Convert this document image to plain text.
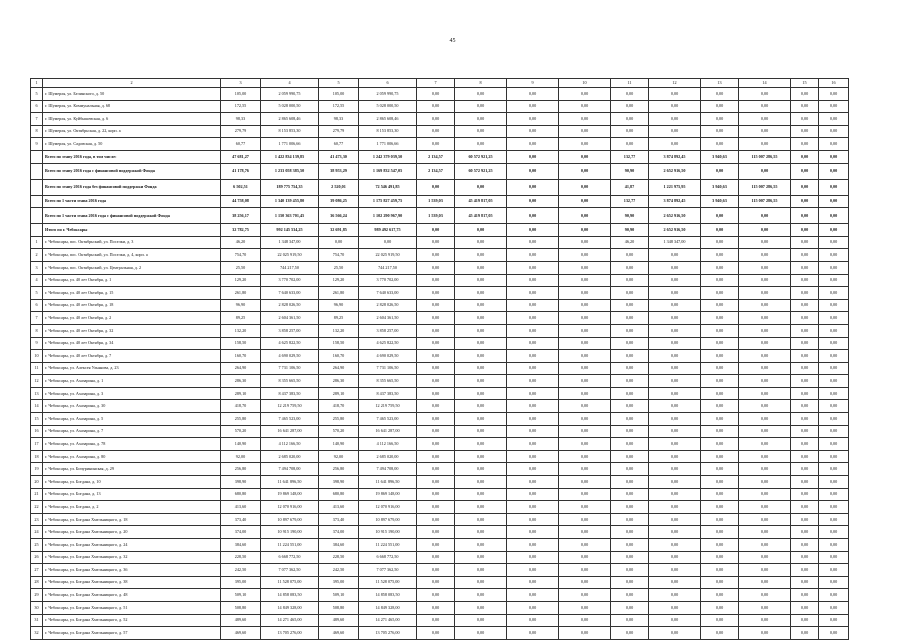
45
1	2	3	4	5	6	7	8	9	10	11	12	13	14	15	16
5	г. Шумерля, ул. Белинского, д. 50	105,00	2 059 990,75	105,00	2 059 990,75	0,00	0,00	0,00	0,00	0,00	0,00	0,00	0,00	0,00	0,00
6	г. Шумерля, ул. Коммунальная, д. 68	172,55	5 028 000,50	172,55	5 028 000,50	0,00	0,00	0,00	0,00	0,00	0,00	0,00	0,00	0,00	0,00
7	г. Шумерля, ул. Куйбышевская, д. 6	98,33	2 865 608,46	98,33	2 865 608,46	0,00	0,00	0,00	0,00	0,00	0,00	0,00	0,00	0,00	0,00
8	г. Шумерля, ул. Октябрьская, д. 22, корп. а	279,79	8 153 853,30	279,79	8 153 853,30	0,00	0,00	0,00	0,00	0,00	0,00	0,00	0,00	0,00	0,00
9	г. Шумерля, ул. Садовская, д. 50	60,77	1 771 006,66	60,77	1 771 006,66	0,00	0,00	0,00	0,00	0,00	0,00	0,00	0,00	0,00	0,00
	Всего по этапу 2016 года, в том числе:	47 681,27	1 422 834 139,85	41 473,30	1 242 379 039,50	2 134,57	60 572 921,25	0,00	0,00	132,77	3 874 892,45	3 940,63	115 007 286,55	0,00	0,00
	Всего по этапу 2016 года с финансовой поддержкой Фонда	41 178,76	1 233 058 385,50	38 953,29	1 169 832 547,05	2 134,57	60 572 921,25	0,00	0,00	90,90	2 652 916,50	0,00	0,00	0,00	0,00
	Всего по этапу 2016 года без финансовой поддержки Фонда	6 502,51	189 775 754,35	2 520,01	72 546 491,85	0,00	0,00	0,00	0,00	41,87	1 221 975,95	3 940,63	115 007 286,55	0,00	0,00
	Всего по 1 части этапа 2016 года	44 758,08	1 340 139 455,80	39 086,25	1 175 827 459,75	1 539,03	45 419 817,05	0,00	0,00	132,77	3 874 892,45	3 940,63	115 007 286,55	0,00	0,00
	Всего по 1 части этапа 2016 года с финансовой поддержкой Фонда	38 256,17	1 150 363 701,45	36 566,24	1 102 290 967,90	1 539,03	45 419 817,05	0,00	0,00	90,90	2 652 916,50	0,00	0,00	0,00	0,00
	Итого по г. Чебоксары	32 782,75	992 145 534,25	32 691,85	989 492 617,75	0,00	0,00	0,00	0,00	90,90	2 652 916,50	0,00	0,00	0,00	0,00
1	г. Чебоксары, пос. Октябрьский, ул. Поселки, д. 3	46,20	1 348 347,00	0,00	0,00	0,00	0,00	0,00	0,00	46,20	1 348 347,00	0,00	0,00	0,00	0,00
2	г. Чебоксары, пос. Октябрьский, ул. Поселки, д. 4, корп. а	754,70	22 025 919,50	754,70	22 025 919,50	0,00	0,00	0,00	0,00	0,00	0,00	0,00	0,00	0,00	0,00
3	г. Чебоксары, пос. Октябрьский, ул. Центральная, д. 2	25,50	744 217,50	25,50	744 217,50	0,00	0,00	0,00	0,00	0,00	0,00	0,00	0,00	0,00	0,00
4	г. Чебоксары, ул. 40 лет Октября, д. 1	129,20	3 770 702,00	129,20	3 770 702,00	0,00	0,00	0,00	0,00	0,00	0,00	0,00	0,00	0,00	0,00
5	г. Чебоксары, ул. 40 лет Октября, д. 15	261,80	7 640 633,00	261,80	7 640 633,00	0,00	0,00	0,00	0,00	0,00	0,00	0,00	0,00	0,00	0,00
6	г. Чебоксары, ул. 40 лет Октября, д. 18	96,90	2 828 026,50	96,90	2 828 026,50	0,00	0,00	0,00	0,00	0,00	0,00	0,00	0,00	0,00	0,00
7	г. Чебоксары, ул. 40 лет Октября, д. 2	89,25	2 604 361,50	89,25	2 604 361,50	0,00	0,00	0,00	0,00	0,00	0,00	0,00	0,00	0,00	0,00
8	г. Чебоксары, ул. 40 лет Октября, д. 32	132,20	3 858 257,00	132,20	3 858 257,00	0,00	0,00	0,00	0,00	0,00	0,00	0,00	0,00	0,00	0,00
9	г. Чебоксары, ул. 40 лет Октября, д. 34	158,50	4 625 822,50	158,50	4 625 822,50	0,00	0,00	0,00	0,00	0,00	0,00	0,00	0,00	0,00	0,00
10	г. Чебоксары, ул. 40 лет Октября, д. 7	160,70	4 690 029,50	160,70	4 690 029,50	0,00	0,00	0,00	0,00	0,00	0,00	0,00	0,00	0,00	0,00
11	г. Чебоксары, ул. Алексея Ульянова, д. 23	264,90	7 731 106,50	264,90	7 731 106,50	0,00	0,00	0,00	0,00	0,00	0,00	0,00	0,00	0,00	0,00
12	г. Чебоксары, ул. Ахазарина, д. 1	286,30	8 355 665,50	286,30	8 355 665,50	0,00	0,00	0,00	0,00	0,00	0,00	0,00	0,00	0,00	0,00
13	г. Чебоксары, ул. Ахазарина, д. 3	289,10	8 437 383,50	289,10	8 437 383,50	0,00	0,00	0,00	0,00	0,00	0,00	0,00	0,00	0,00	0,00
14	г. Чебоксары, ул. Ахазарина, д. 30	418,70	12 219 759,50	418,70	12 219 759,50	0,00	0,00	0,00	0,00	0,00	0,00	0,00	0,00	0,00	0,00
15	г. Чебоксары, ул. Ахазарина, д. 5	255,80	7 465 523,00	255,80	7 465 523,00	0,00	0,00	0,00	0,00	0,00	0,00	0,00	0,00	0,00	0,00
16	г. Чебоксары, ул. Ахазарина, д. 7	570,20	16 641 287,00	570,20	16 641 287,00	0,00	0,00	0,00	0,00	0,00	0,00	0,00	0,00	0,00	0,00
17	г. Чебоксары, ул. Ахазарина, д. 78	140,90	4 112 166,50	140,90	4 112 166,50	0,00	0,00	0,00	0,00	0,00	0,00	0,00	0,00	0,00	0,00
18	г. Чебоксары, ул. Ахазарина, д. 80	92,00	2 685 020,00	92,00	2 685 020,00	0,00	0,00	0,00	0,00	0,00	0,00	0,00	0,00	0,00	0,00
19	г. Чебоксары, ул. Бичурининская, д. 29	256,80	7 494 708,00	256,80	7 494 708,00	0,00	0,00	0,00	0,00	0,00	0,00	0,00	0,00	0,00	0,00
20	г. Чебоксары, ул. Богдана, д. 10	398,90	11 641 896,50	398,90	11 641 896,50	0,00	0,00	0,00	0,00	0,00	0,00	0,00	0,00	0,00	0,00
21	г. Чебоксары, ул. Богдана, д. 13	680,80	19 869 148,00	680,80	19 869 148,00	0,00	0,00	0,00	0,00	0,00	0,00	0,00	0,00	0,00	0,00
22	г. Чебоксары, ул. Богдана, д. 2	413,60	12 070 916,00	413,60	12 070 916,00	0,00	0,00	0,00	0,00	0,00	0,00	0,00	0,00	0,00	0,00
23	г. Чебоксары, ул. Богдана Хмельницкого, д. 18	373,40	10 897 679,00	373,40	10 897 679,00	0,00	0,00	0,00	0,00	0,00	0,00	0,00	0,00	0,00	0,00
24	г. Чебоксары, ул. Богдана Хмельницкого, д. 20	374,00	10 915 190,00	374,00	10 915 190,00	0,00	0,00	0,00	0,00	0,00	0,00	0,00	0,00	0,00	0,00
25	г. Чебоксары, ул. Богдана Хмельницкого, д. 24	384,60	11 224 551,00	384,60	11 224 551,00	0,00	0,00	0,00	0,00	0,00	0,00	0,00	0,00	0,00	0,00
26	г. Чебоксары, ул. Богдана Хмельницкого, д. 32	228,50	6 668 772,50	228,50	6 668 772,50	0,00	0,00	0,00	0,00	0,00	0,00	0,00	0,00	0,00	0,00
27	г. Чебоксары, ул. Богдана Хмельницкого, д. 36	242,50	7 077 362,50	242,50	7 077 362,50	0,00	0,00	0,00	0,00	0,00	0,00	0,00	0,00	0,00	0,00
28	г. Чебоксары, ул. Богдана Хмельницкого, д. 38	395,00	11 528 075,00	395,00	11 528 075,00	0,00	0,00	0,00	0,00	0,00	0,00	0,00	0,00	0,00	0,00
29	г. Чебоксары, ул. Богдана Хмельницкого, д. 48	509,10	14 858 083,50	509,10	14 858 083,50	0,00	0,00	0,00	0,00	0,00	0,00	0,00	0,00	0,00	0,00
30	г. Чебоксары, ул. Богдана Хмельницкого, д. 51	508,80	14 849 328,00	508,80	14 849 328,00	0,00	0,00	0,00	0,00	0,00	0,00	0,00	0,00	0,00	0,00
31	г. Чебоксары, ул. Богдана Хмельницкого, д. 52	489,60	14 271 465,00	489,60	14 271 465,00	0,00	0,00	0,00	0,00	0,00	0,00	0,00	0,00	0,00	0,00
32	г. Чебоксары, ул. Богдана Хмельницкого, д. 57	469,60	13 705 276,00	469,60	13 705 276,00	0,00	0,00	0,00	0,00	0,00	0,00	0,00	0,00	0,00	0,00
